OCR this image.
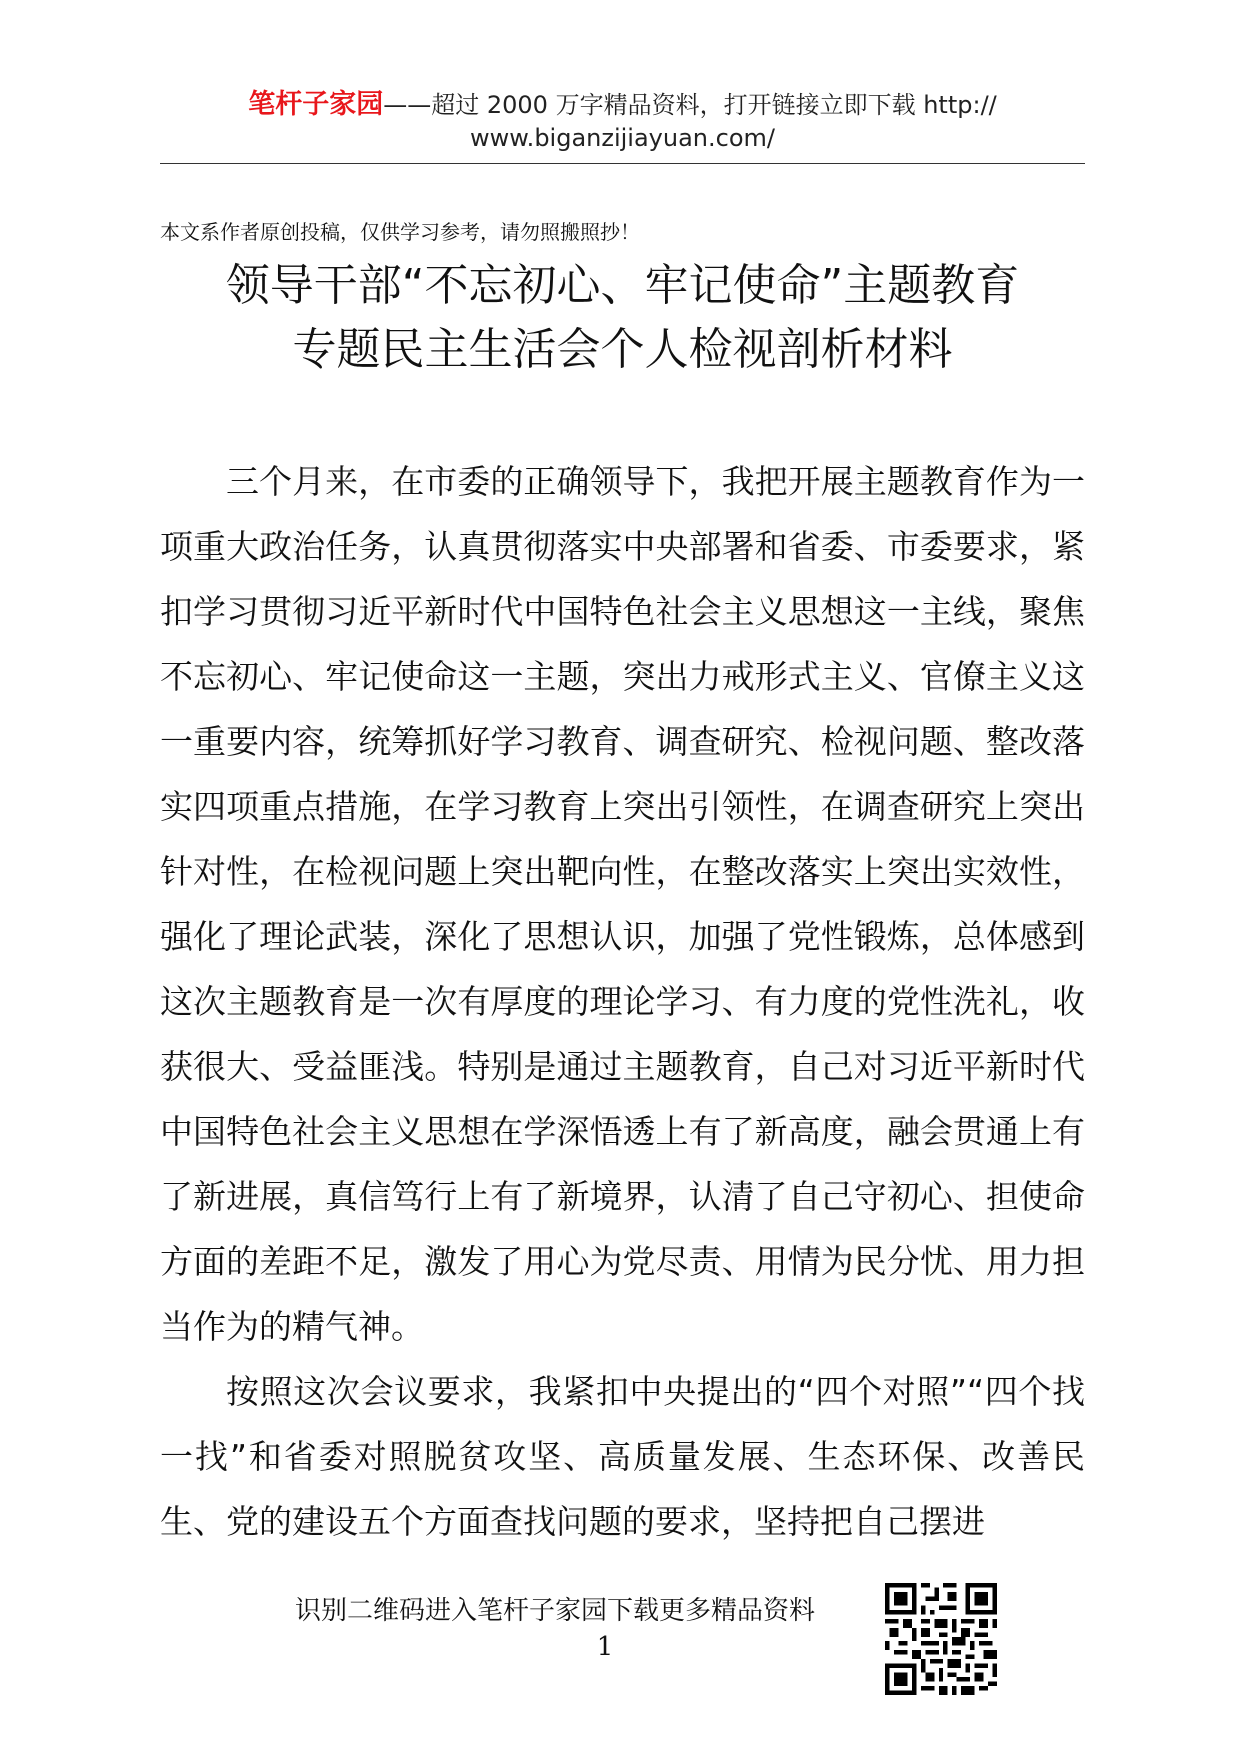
笔杆子家园——超过 2000 万字精品资料，打开链接立即下载 http://
www.biganzijiayuan.com/
本文系作者原创投稿，仅供学习参考，请勿照搬照抄！
领导干部“不忘初心、牢记使命”主题教育
专题民主生活会个人检视剖析材料

三个月来，在市委的正确领导下，我把开展主题教育作为一项重大政治任务，认真贯彻落实中央部署和省委、市委要求，紧扣学习贯彻习近平新时代中国特色社会主义思想这一主线，聚焦不忘初心、牢记使命这一主题，突出力戒形式主义、官僚主义这一重要内容，统筹抓好学习教育、调查研究、检视问题、整改落实四项重点措施，在学习教育上突出引领性，在调查研究上突出针对性，在检视问题上突出靶向性，在整改落实上突出实效性，强化了理论武装，深化了思想认识，加强了党性锻炼，总体感到这次主题教育是一次有厚度的理论学习、有力度的党性洗礼，收获很大、受益匪浅。特别是通过主题教育，自己对习近平新时代中国特色社会主义思想在学深悟透上有了新高度，融会贯通上有了新进展，真信笃行上有了新境界，认清了自己守初心、担使命方面的差距不足，激发了用心为党尽责、用情为民分忧、用力担当作为的精气神。

按照这次会议要求，我紧扣中央提出的“四个对照”“四个找一找”和省委对照脱贫攻坚、高质量发展、生态环保、改善民生、党的建设五个方面查找问题的要求，坚持把自己摆进

识别二维码进入笔杆子家园下载更多精品资料
1
